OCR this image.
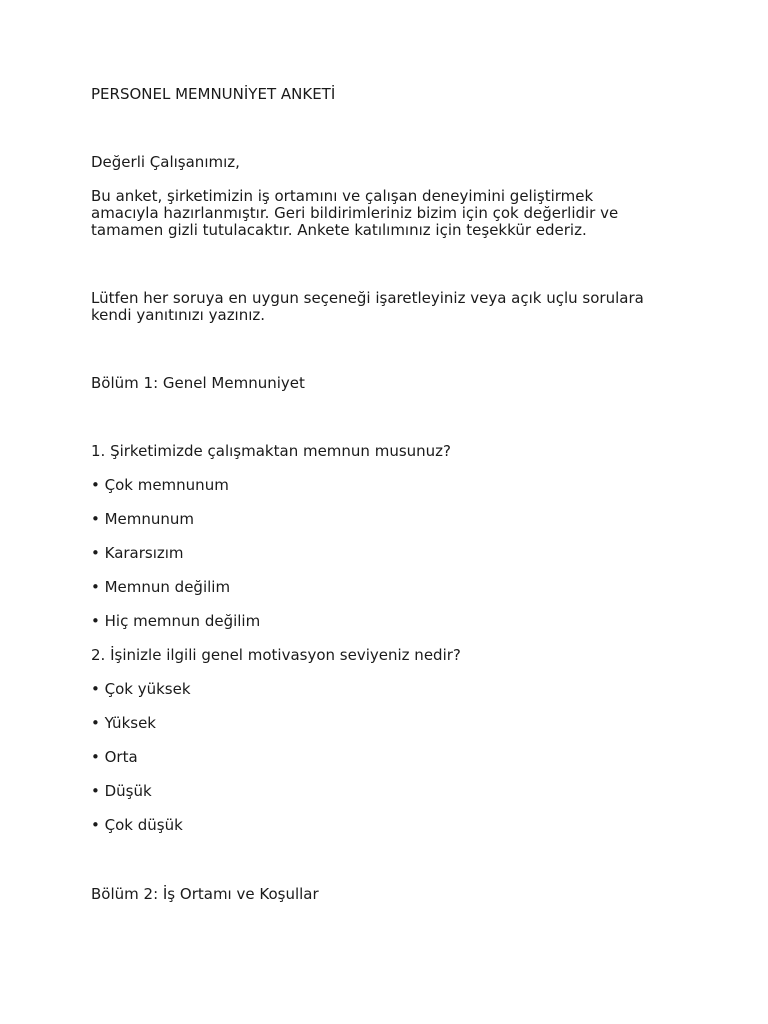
PERSONEL MEMNUNİYET ANKETİ

Değerli Çalışanımız,

Bu anket, şirketimizin iş ortamını ve çalışan deneyimini geliştirmek

amacıyla hazırlanmıştır. Geri bildirimleriniz bizim için çok değerlidir ve

tamamen gizli tutulacaktır. Ankete katılımınız için teşekkür ederiz.

Lütfen her soruya en uygun seçeneği işaretleyiniz veya açık uçlu sorulara

kendi yanıtınızı yazınız.

Bölüm 1: Genel Memnuniyet

1. Şirketimizde çalışmaktan memnun musunuz?

• Çok memnunum

• Memnunum

• Kararsızım

• Memnun değilim

• Hiç memnun değilim

2. İşinizle ilgili genel motivasyon seviyeniz nedir?

• Çok yüksek

• Yüksek

• Orta

• Düşük

• Çok düşük

Bölüm 2: İş Ortamı ve Koşullar
